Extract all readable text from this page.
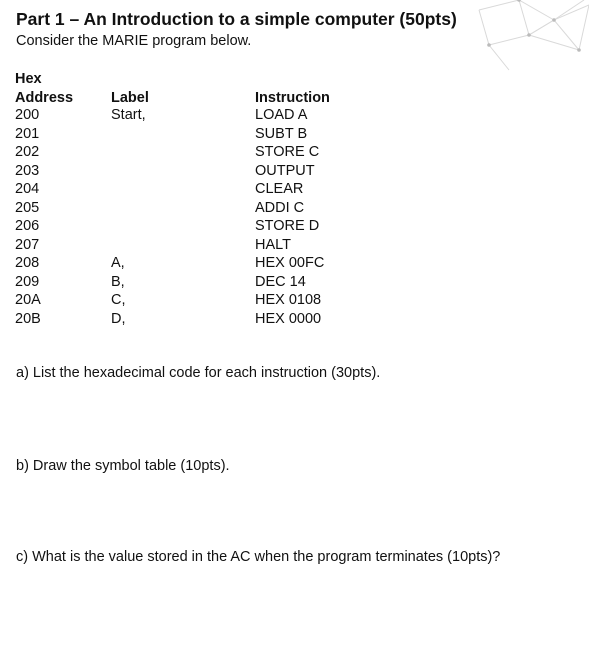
Part 1 – An Introduction to a simple computer (50pts)
Consider the MARIE program below.
Hex
Address	Label	Instruction
200
201
202
203
204
205
206
207
208
209
20A
20B
Start,
A,
B,
C,
D,
LOAD A
SUBT B
STORE C
OUTPUT
CLEAR
ADDI C
STORE D
HALT
HEX 00FC
DEC 14
HEX 0108
HEX 0000
a) List the hexadecimal code for each instruction (30pts).
b) Draw the symbol table (10pts).
c) What is the value stored in the AC when the program terminates (10pts)?
